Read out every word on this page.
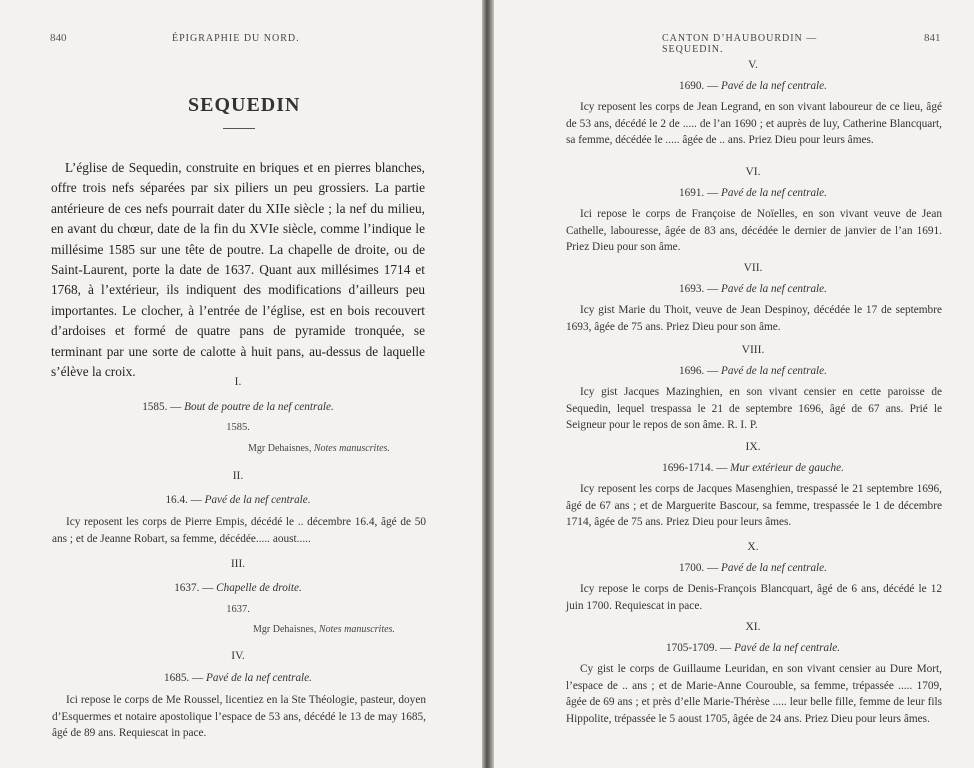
840	ÉPIGRAPHIE DU NORD.
SEQUEDIN

L’église de Sequedin, construite en briques et en pierres blanches, offre trois nefs séparées par six piliers un peu grossiers. La partie antérieure de ces nefs pourrait dater du XIIe siècle ; la nef du milieu, en avant du chœur, date de la fin du XVIe siècle, comme l’indique le millésime 1585 sur une tête de poutre. La chapelle de droite, ou de Saint-Laurent, porte la date de 1637. Quant aux millésimes 1714 et 1768, à l’extérieur, ils indiquent des modifications d’ailleurs peu importantes. Le clocher, à l’entrée de l’église, est en bois recouvert d’ardoises et formé de quatre pans de pyramide tronquée, se terminant par une sorte de calotte à huit pans, au-dessus de laquelle s’élève la croix.

I.
1585. — Bout de poutre de la nef centrale.
1585.
Mgr Dehaisnes, Notes manuscrites.
II.
16.4. — Pavé de la nef centrale.

Icy reposent les corps de Pierre Empis, décédé le .. décembre 16.4, âgé de 50 ans ; et de Jeanne Robart, sa femme, décédée..... aoust.....

III.
1637. — Chapelle de droite.
1637.
Mgr Dehaisnes, Notes manuscrites.
IV.
1685. — Pavé de la nef centrale.

Ici repose le corps de Me Roussel, licentiez en la Ste Théologie, pasteur, doyen d’Esquermes et notaire apostolique l’espace de 53 ans, décédé le 13 de may 1685, âgé de 89 ans. Requiescat in pace.

CANTON D’HAUBOURDIN — SEQUEDIN.
841
V.
1690. — Pavé de la nef centrale.

Icy reposent les corps de Jean Legrand, en son vivant laboureur de ce lieu, âgé de 53 ans, décédé le 2 de ..... de l’an 1690 ; et auprès de luy, Catherine Blancquart, sa femme, décédée le ..... âgée de .. ans. Priez Dieu pour leurs âmes.

VI.
1691. — Pavé de la nef centrale.

Ici repose le corps de Françoise de Noïelles, en son vivant veuve de Jean Cathelle, labouresse, âgée de 83 ans, décédée le dernier de janvier de l’an 1691. Priez Dieu pour son âme.

VII.
1693. — Pavé de la nef centrale.

Icy gist Marie du Thoit, veuve de Jean Despinoy, décédée le 17 de septembre 1693, âgée de 75 ans. Priez Dieu pour son âme.

VIII.
1696. — Pavé de la nef centrale.

Icy gist Jacques Mazinghien, en son vivant censier en cette paroisse de Sequedin, lequel trespassa le 21 de septembre 1696, âgé de 67 ans. Prié le Seigneur pour le repos de son âme. R. I. P.

IX.
1696-1714. — Mur extérieur de gauche.

Icy reposent les corps de Jacques Masenghien, trespassé le 21 septembre 1696, âgé de 67 ans ; et de Marguerite Bascour, sa femme, trespassée le 1 de décembre 1714, âgée de 75 ans. Priez Dieu pour leurs âmes.

X.
1700. — Pavé de la nef centrale.

Icy repose le corps de Denis-François Blancquart, âgé de 6 ans, décédé le 12 juin 1700. Requiescat in pace.

XI.
1705-1709. — Pavé de la nef centrale.

Cy gist le corps de Guillaume Leuridan, en son vivant censier au Dure Mort, l’espace de .. ans ; et de Marie-Anne Courouble, sa femme, trépassée ..... 1709, âgée de 69 ans ; et près d’elle Marie-Thérèse ..... leur belle fille, femme de leur fils Hippolite, trépassée le 5 aoust 1705, âgée de 24 ans. Priez Dieu pour leurs âmes.
